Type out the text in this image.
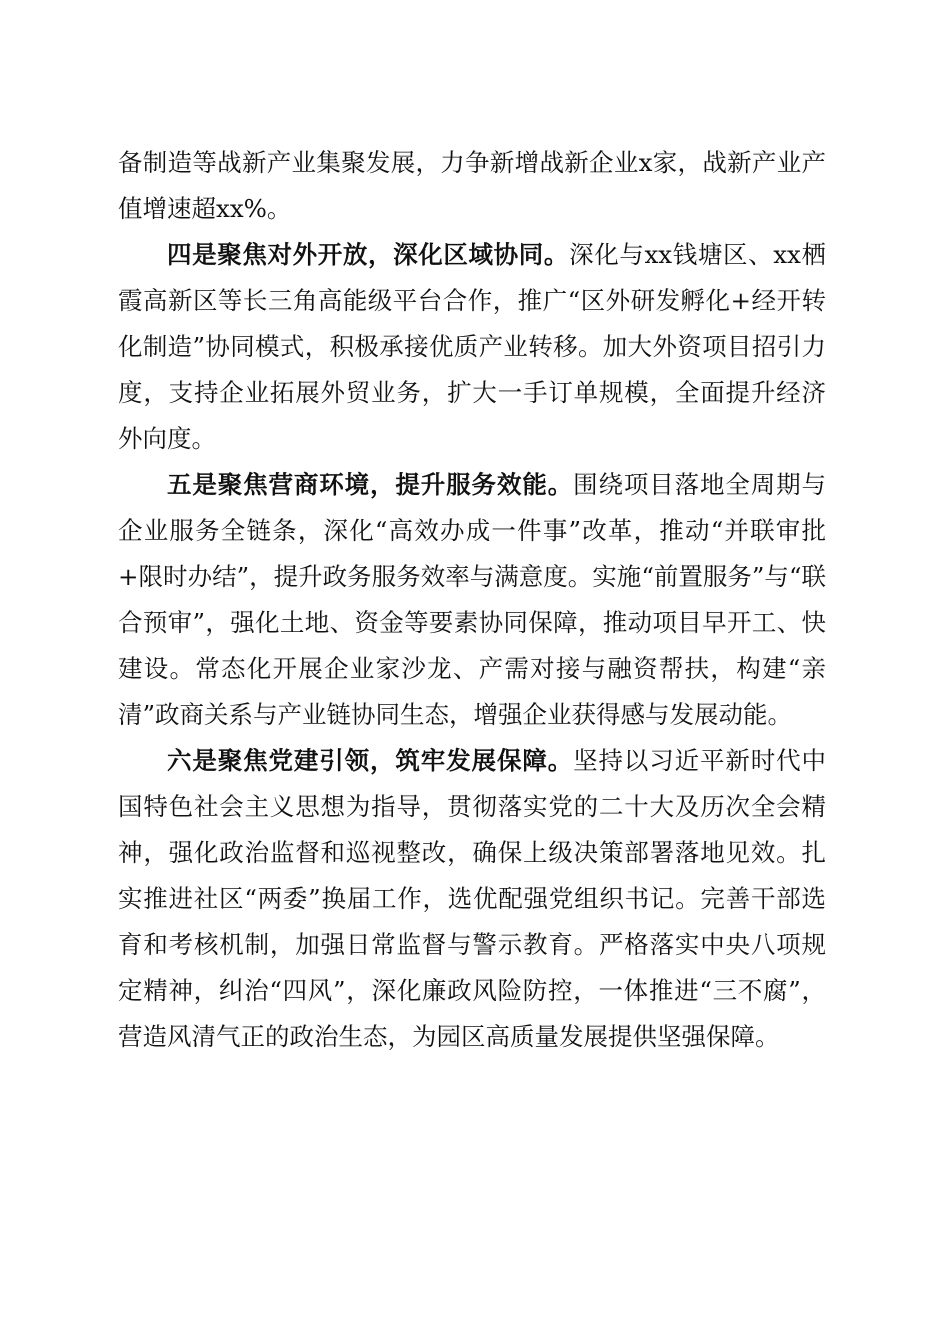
备制造等战新产业集聚发展，力争新增战新企业x家，战新产业产值增速超xx%。

四是聚焦对外开放，深化区域协同。深化与xx钱塘区、xx栖霞高新区等长三角高能级平台合作，推广“区外研发孵化+经开转化制造”协同模式，积极承接优质产业转移。加大外资项目招引力度，支持企业拓展外贸业务，扩大一手订单规模，全面提升经济外向度。

五是聚焦营商环境，提升服务效能。围绕项目落地全周期与企业服务全链条，深化“高效办成一件事”改革，推动“并联审批+限时办结”，提升政务服务效率与满意度。实施“前置服务”与“联合预审”，强化土地、资金等要素协同保障，推动项目早开工、快建设。常态化开展企业家沙龙、产需对接与融资帮扶，构建“亲清”政商关系与产业链协同生态，增强企业获得感与发展动能。

六是聚焦党建引领，筑牢发展保障。坚持以习近平新时代中国特色社会主义思想为指导，贯彻落实党的二十大及历次全会精神，强化政治监督和巡视整改，确保上级决策部署落地见效。扎实推进社区“两委”换届工作，选优配强党组织书记。完善干部选育和考核机制，加强日常监督与警示教育。严格落实中央八项规定精神，纠治“四风”，深化廉政风险防控，一体推进“三不腐”，营造风清气正的政治生态，为园区高质量发展提供坚强保障。
